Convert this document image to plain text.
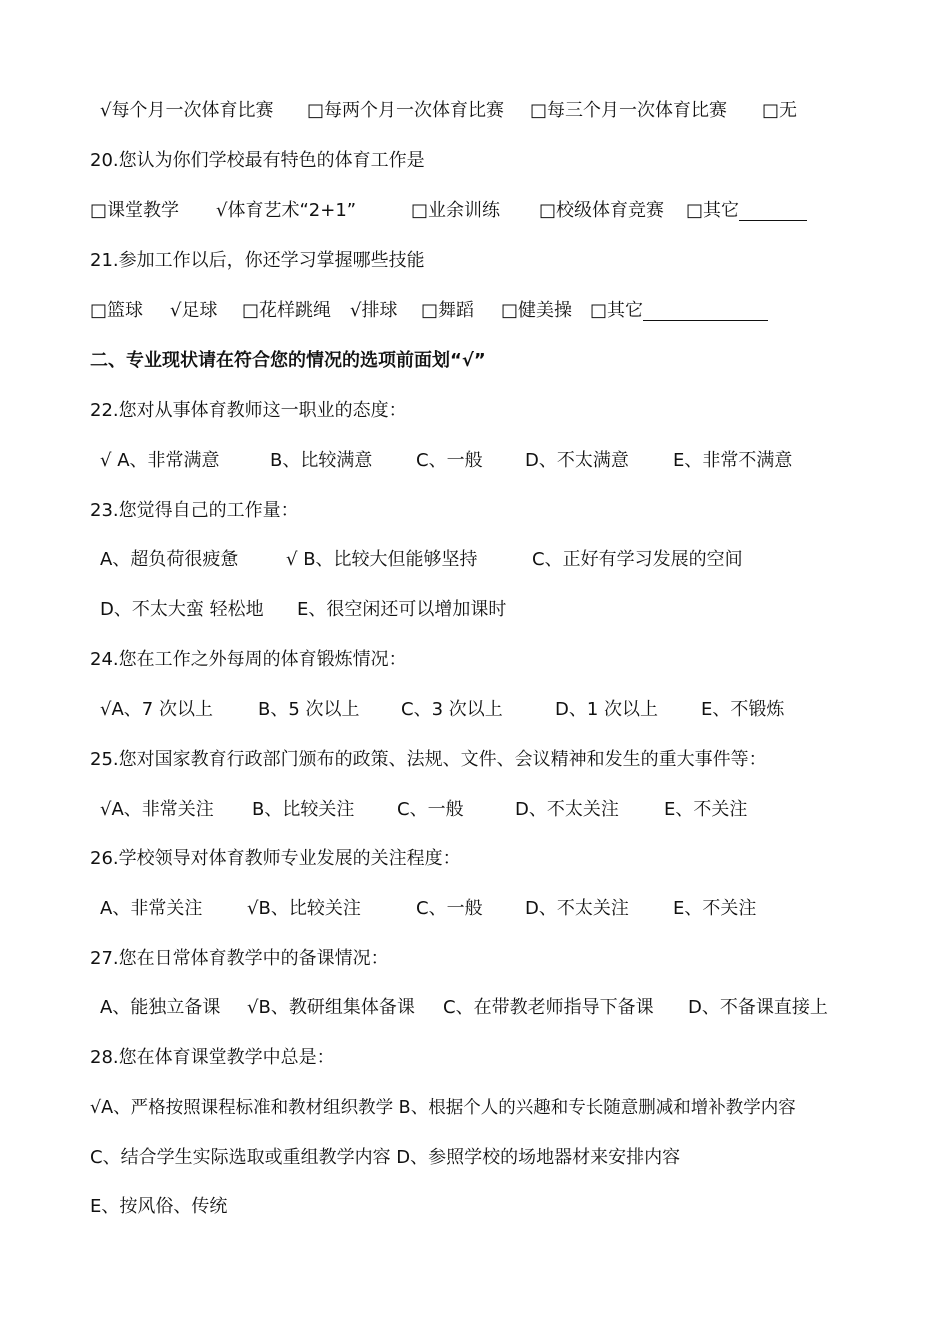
√每个月一次体育比赛	□每两个月一次体育比赛	□每三个月一次体育比赛	□无
20.您认为你们学校最有特色的体育工作是
□课堂教学	√体育艺术“2+1”	□业余训练	□校级体育竞赛	□其它
21.参加工作以后，你还学习掌握哪些技能
□篮球	√足球	□花样跳绳	√排球	□舞蹈	□健美操 □其它
二、专业现状请在符合您的情况的选项前面划“√”
22.您对从事体育教师这一职业的态度：
√ A、非常满意	B、比较满意	C、一般	D、不太满意	E、非常不满意
23.您觉得自己的工作量：
A、超负荷很疲惫	√ B、比较大但能够坚持	C、正好有学习发展的空间
D、不太大蛮 轻松地	E、很空闲还可以增加课时
24.您在工作之外每周的体育锻炼情况：
√A、7 次以上	B、5 次以上	C、3 次以上	D、1 次以上	E、不锻炼
25.您对国家教育行政部门颁布的政策、法规、文件、会议精神和发生的重大事件等：
√A、非常关注	B、比较关注	C、一般	D、不太关注	E、不关注
26.学校领导对体育教师专业发展的关注程度：
A、非常关注	√B、比较关注	C、一般	D、不太关注	E、不关注
27.您在日常体育教学中的备课情况：
A、能独立备课	√B、教研组集体备课	C、在带教老师指导下备课	D、不备课直接上
28.您在体育课堂教学中总是：
√A、严格按照课程标准和教材组织教学 B、根据个人的兴趣和专长随意删减和增补教学内容
C、结合学生实际选取或重组教学内容 D、参照学校的场地器材来安排内容
E、按风俗、传统
